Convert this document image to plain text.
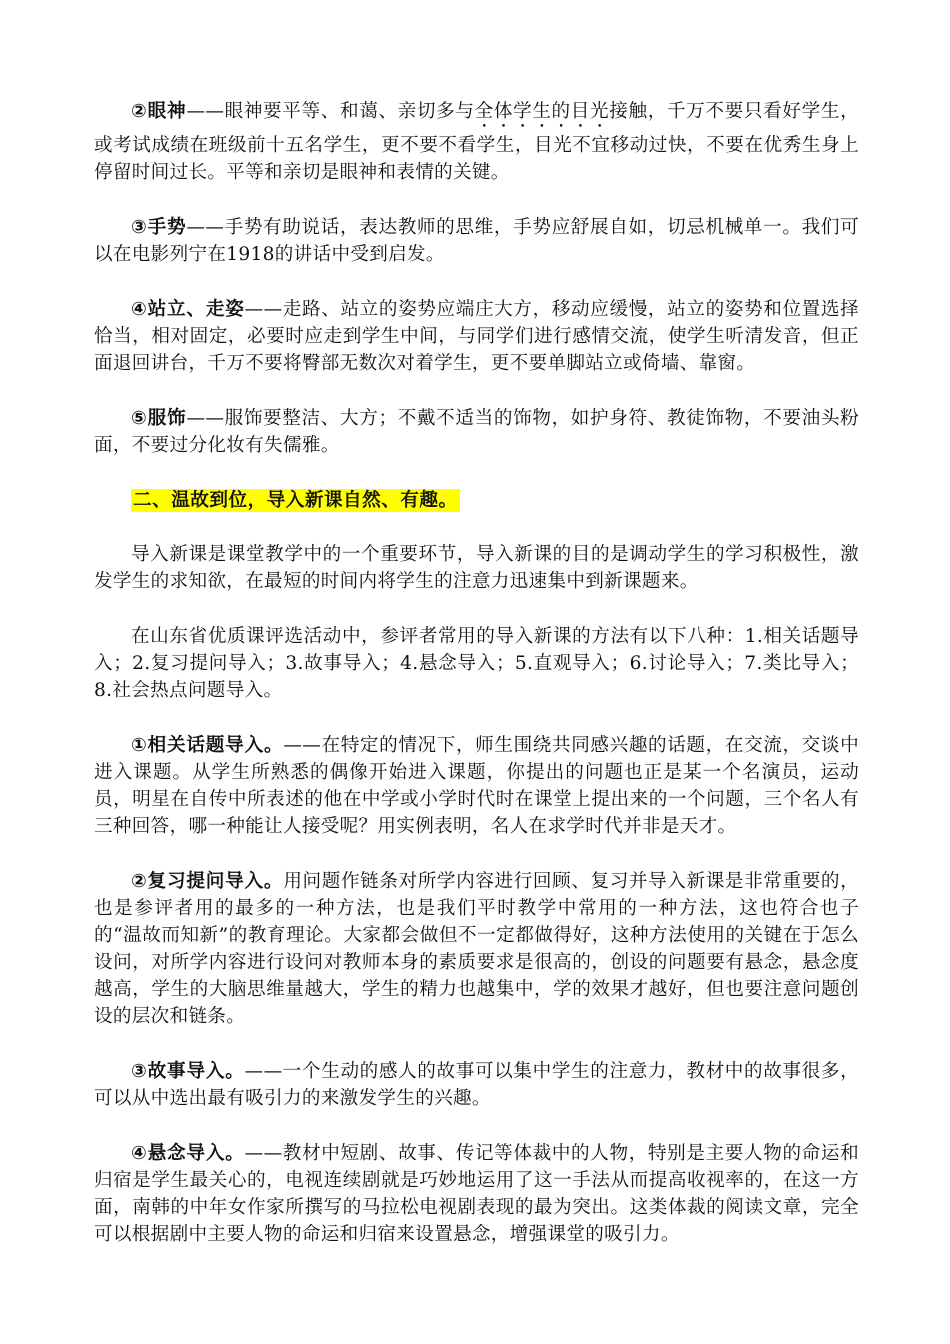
②眼神——眼神要平等、和蔼、亲切多与全体学生的目光接触，千万不要只看好学生，或考试成绩在班级前十五名学生，更不要不看学生，目光不宜移动过快，不要在优秀生身上停留时间过长。平等和亲切是眼神和表情的关键。

③手势——手势有助说话，表达教师的思维，手势应舒展自如，切忌机械单一。我们可以在电影列宁在1918的讲话中受到启发。

④站立、走姿——走路、站立的姿势应端庄大方，移动应缓慢，站立的姿势和位置选择恰当，相对固定，必要时应走到学生中间，与同学们进行感情交流，使学生听清发音，但正面退回讲台，千万不要将臀部无数次对着学生，更不要单脚站立或倚墙、靠窗。

⑤服饰——服饰要整洁、大方；不戴不适当的饰物，如护身符、教徒饰物，不要油头粉面，不要过分化妆有失儒雅。

二、温故到位，导入新课自然、有趣。

导入新课是课堂教学中的一个重要环节，导入新课的目的是调动学生的学习积极性，激发学生的求知欲，在最短的时间内将学生的注意力迅速集中到新课题来。

在山东省优质课评选活动中，参评者常用的导入新课的方法有以下八种：1.相关话题导入；2.复习提问导入；3.故事导入；4.悬念导入；5.直观导入；6.讨论导入；7.类比导入； 8.社会热点问题导入。

①相关话题导入。——在特定的情况下，师生围绕共同感兴趣的话题，在交流，交谈中进入课题。从学生所熟悉的偶像开始进入课题，你提出的问题也正是某一个名演员，运动员，明星在自传中所表述的他在中学或小学时代时在课堂上提出来的一个问题，三个名人有三种回答，哪一种能让人接受呢？用实例表明，名人在求学时代并非是天才。

②复习提问导入。用问题作链条对所学内容进行回顾、复习并导入新课是非常重要的，也是参评者用的最多的一种方法，也是我们平时教学中常用的一种方法，这也符合也子的“温故而知新”的教育理论。大家都会做但不一定都做得好，这种方法使用的关键在于怎么设问，对所学内容进行设问对教师本身的素质要求是很高的，创设的问题要有悬念，悬念度越高，学生的大脑思维量越大，学生的精力也越集中，学的效果才越好，但也要注意问题创设的层次和链条。

③故事导入。——一个生动的感人的故事可以集中学生的注意力，教材中的故事很多，可以从中选出最有吸引力的来激发学生的兴趣。

④悬念导入。——教材中短剧、故事、传记等体裁中的人物，特别是主要人物的命运和归宿是学生最关心的，电视连续剧就是巧妙地运用了这一手法从而提高收视率的，在这一方面，南韩的中年女作家所撰写的马拉松电视剧表现的最为突出。这类体裁的阅读文章，完全可以根据剧中主要人物的命运和归宿来设置悬念，增强课堂的吸引力。
